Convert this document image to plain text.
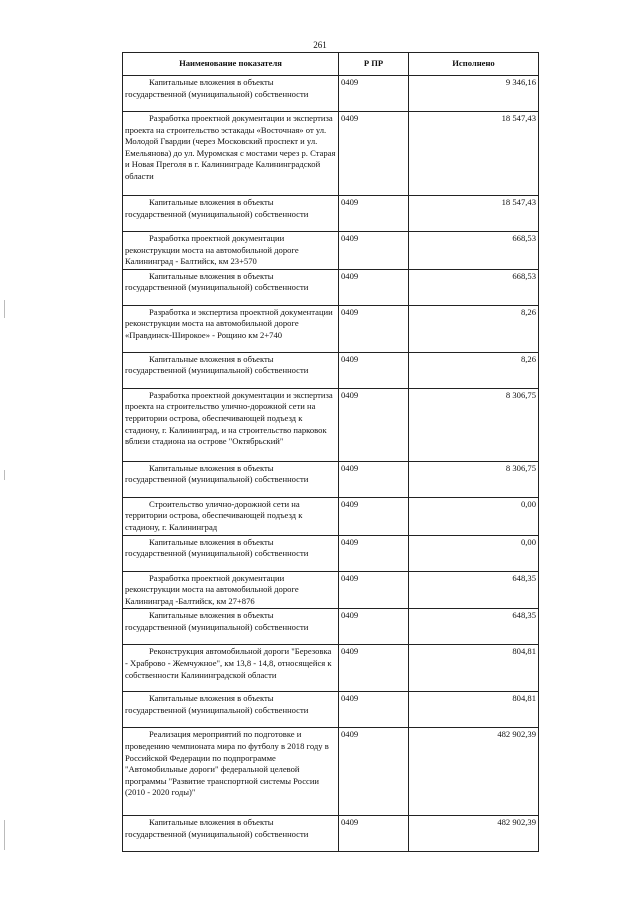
261
Наименование показателя	Р ПР	Исполнено
Капитальные вложения в объекты государственной (муниципальной) собственности	0409	9 346,16
Разработка проектной документации и экспертиза проекта на строительство эстакады «Восточная» от ул. Молодой Гвардии (через Московский проспект и ул. Емельянова) до ул. Муромская с мостами через р. Старая и Новая Преголя в г. Калининграде Калининградской области	0409	18 547,43
Капитальные вложения в объекты государственной (муниципальной) собственности	0409	18 547,43
Разработка проектной документации реконструкции моста на автомобильной дороге Калининград - Балтийск, км 23+570	0409	668,53
Капитальные вложения в объекты государственной (муниципальной) собственности	0409	668,53
Разработка и экспертиза проектной документации реконструкции моста на автомобильной дороге «Правдинск-Широкое» - Рощино км 2+740	0409	8,26
Капитальные вложения в объекты государственной (муниципальной) собственности	0409	8,26
Разработка проектной документации и экспертиза проекта на строительство улично-дорожной сети на территории острова, обеспечивающей подъезд к стадиону, г. Калининград, и на строительство парковок вблизи стадиона на острове "Октябрьский"	0409	8 306,75
Капитальные вложения в объекты государственной (муниципальной) собственности	0409	8 306,75
Строительство улично-дорожной сети на территории острова, обеспечивающей подъезд к стадиону, г. Калининград	0409	0,00
Капитальные вложения в объекты государственной (муниципальной) собственности	0409	0,00
Разработка проектной документации реконструкции моста на автомобильной дороге Калининград -Балтийск, км 27+876	0409	648,35
Капитальные вложения в объекты государственной (муниципальной) собственности	0409	648,35
Реконструкция автомобильной дороги "Березовка - Храброво - Жемчужное", км 13,8 - 14,8, относящейся к собственности Калининградской области	0409	804,81
Капитальные вложения в объекты государственной (муниципальной) собственности	0409	804,81
Реализация мероприятий по подготовке и проведению чемпионата мира по футболу в 2018 году в Российской Федерации по подпрограмме "Автомобильные дороги" федеральной целевой программы "Развитие транспортной системы России (2010 - 2020 годы)"	0409	482 902,39
Капитальные вложения в объекты государственной (муниципальной) собственности	0409	482 902,39
